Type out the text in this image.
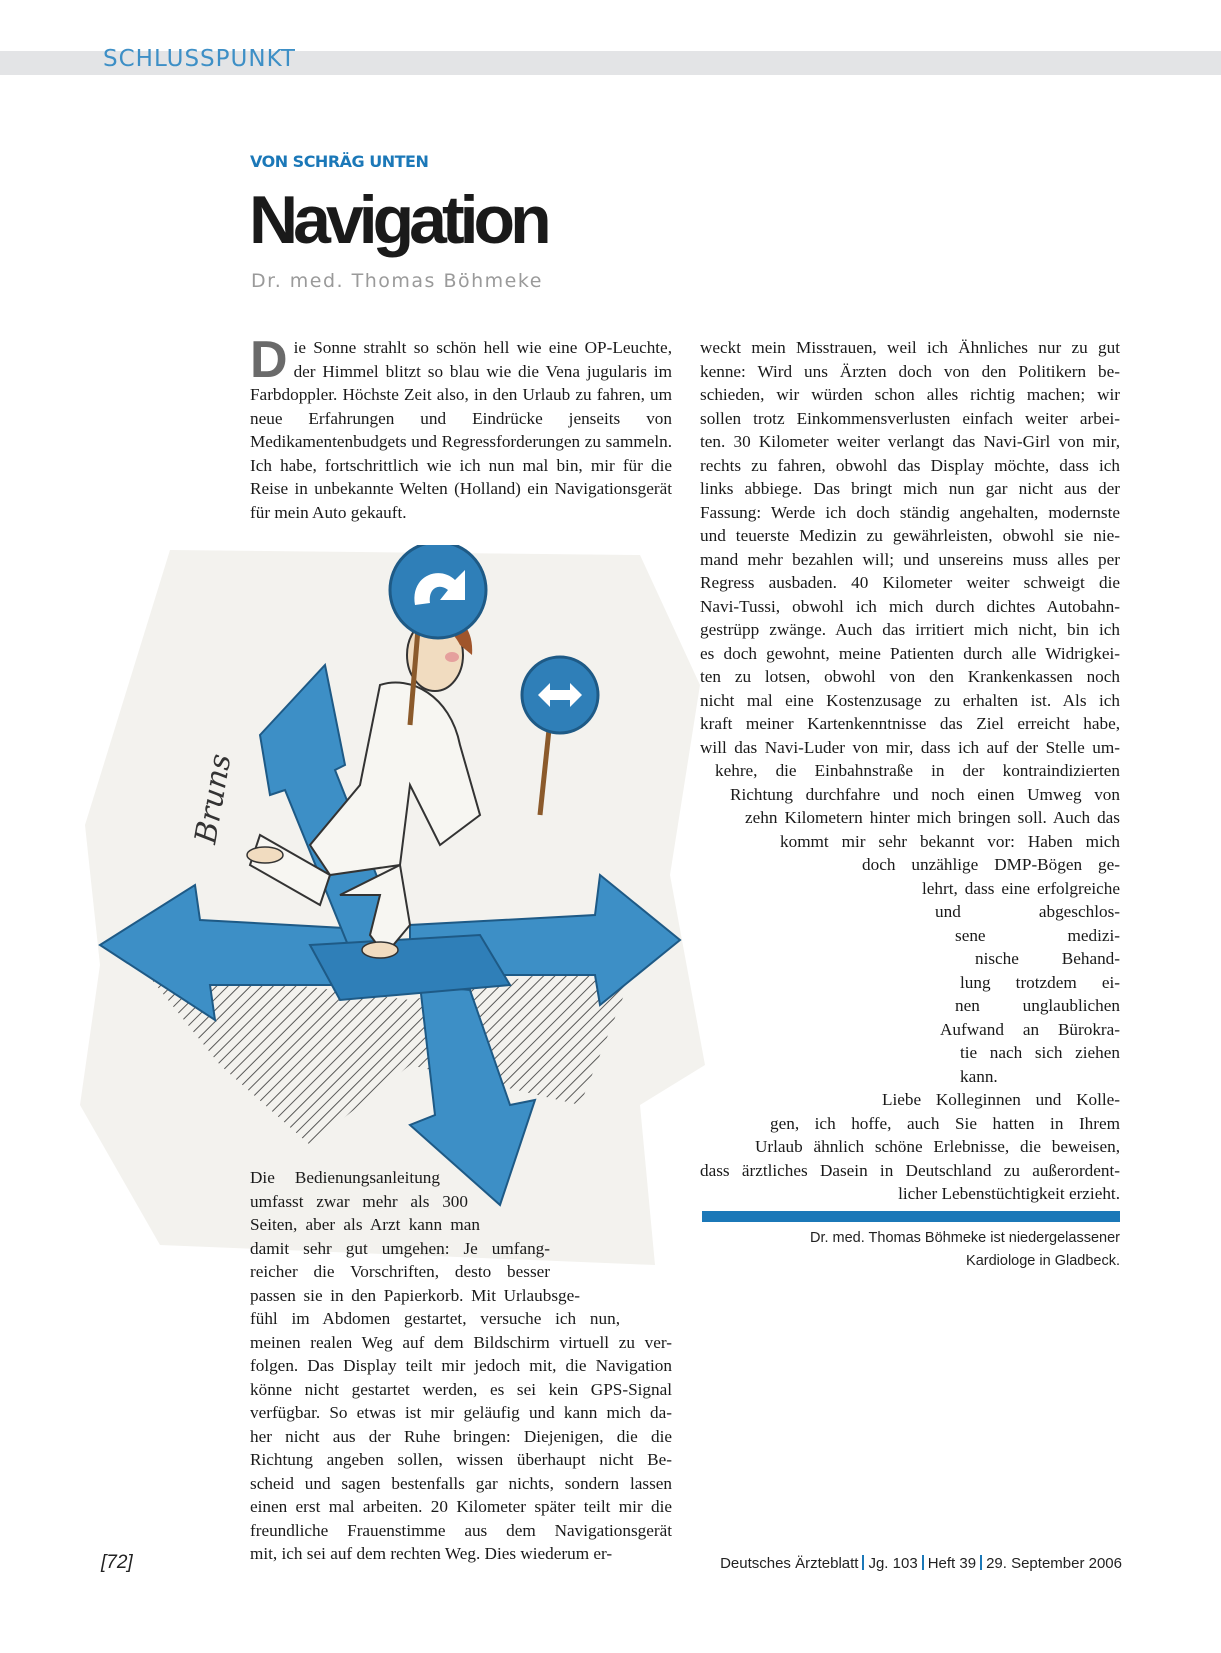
SCHLUSSPUNKT
VON SCHRÄG UNTEN
Navigation
Dr. med. Thomas Böhmeke
Die Sonne strahlt so schön hell wie eine OP-Leuchte, der Himmel blitzt so blau wie die Vena jugularis im Farbdoppler. Höchste Zeit also, in den Urlaub zu fahren, um neue Erfahrungen und Eindrücke jenseits von Medikamentenbudgets und Regressforderungen zu sammeln. Ich habe, fortschrittlich wie ich nun mal bin, mir für die Reise in unbekannte Welten (Holland) ein Navigationsgerät für mein Auto gekauft.
Bruns
Die Bedienungsanleitung
umfasst zwar mehr als 300
Seiten, aber als Arzt kann man
damit sehr gut umgehen: Je umfang-
reicher die Vorschriften, desto besser
passen sie in den Papierkorb. Mit Urlaubsge-
fühl im Abdomen gestartet, versuche ich nun,
meinen realen Weg auf dem Bildschirm virtuell zu ver-
folgen. Das Display teilt mir jedoch mit, die Navigation
könne nicht gestartet werden, es sei kein GPS-Signal
verfügbar. So etwas ist mir geläufig und kann mich da-
her nicht aus der Ruhe bringen: Diejenigen, die die
Richtung angeben sollen, wissen überhaupt nicht Be-
scheid und sagen bestenfalls gar nichts, sondern lassen
einen erst mal arbeiten. 20 Kilometer später teilt mir die
freundliche Frauenstimme aus dem Navigationsgerät
mit, ich sei auf dem rechten Weg. Dies wiederum er-
weckt mein Misstrauen, weil ich Ähnliches nur zu gut
kenne: Wird uns Ärzten doch von den Politikern be-
schieden, wir würden schon alles richtig machen; wir
sollen trotz Einkommensverlusten einfach weiter arbei-
ten. 30 Kilometer weiter verlangt das Navi-Girl von mir,
rechts zu fahren, obwohl das Display möchte, dass ich
links abbiege. Das bringt mich nun gar nicht aus der
Fassung: Werde ich doch ständig angehalten, modernste
und teuerste Medizin zu gewährleisten, obwohl sie nie-
mand mehr bezahlen will; und unsereins muss alles per
Regress ausbaden. 40 Kilometer weiter schweigt die
Navi-Tussi, obwohl ich mich durch dichtes Autobahn-
gestrüpp zwänge. Auch das irritiert mich nicht, bin ich
es doch gewohnt, meine Patienten durch alle Widrigkei-
ten zu lotsen, obwohl von den Krankenkassen noch
nicht mal eine Kostenzusage zu erhalten ist. Als ich
kraft meiner Kartenkenntnisse das Ziel erreicht habe,
will das Navi-Luder von mir, dass ich auf der Stelle um-
kehre, die Einbahnstraße in der kontraindizierten
Richtung durchfahre und noch einen Umweg von
zehn Kilometern hinter mich bringen soll. Auch das
kommt mir sehr bekannt vor: Haben mich
doch unzählige DMP-Bögen ge-
lehrt, dass eine erfolgreiche
und abgeschlos-
sene medizi-
nische Behand-
lung trotzdem ei-
nen unglaublichen
Aufwand an Bürokra-
tie nach sich ziehen kann.
Liebe Kolleginnen und Kolle-
gen, ich hoffe, auch Sie hatten in Ihrem
Urlaub ähnlich schöne Erlebnisse, die beweisen,
dass ärztliches Dasein in Deutschland zu außerordent-
licher Lebenstüchtigkeit erzieht.
Dr. med. Thomas Böhmeke ist niedergelassener Kardiologe in Gladbeck.
[72]	Deutsches Ärzteblatt Jg. 103 Heft 39 29. September 2006
